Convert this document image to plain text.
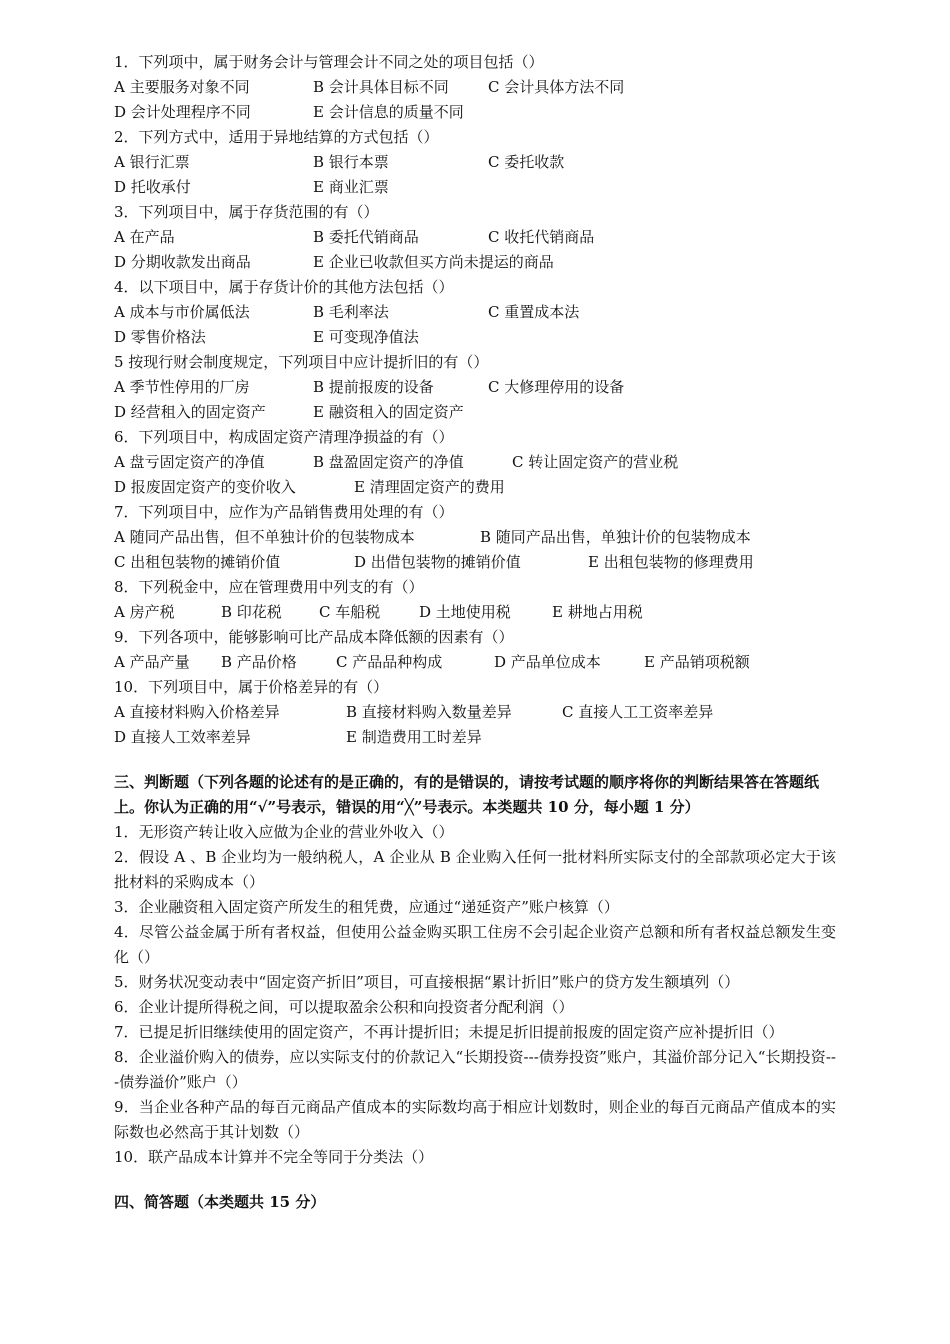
1．下列项中，属于财务会计与管理会计不同之处的项目包括（）
A 主要服务对象不同	B 会计具体目标不同	C 会计具体方法不同
D 会计处理程序不同	E 会计信息的质量不同
2．下列方式中，适用于异地结算的方式包括（）
A 银行汇票	B 银行本票	C 委托收款
D 托收承付	E 商业汇票
3．下列项目中，属于存货范围的有（）
A 在产品	B 委托代销商品	C 收托代销商品
D 分期收款发出商品	E 企业已收款但买方尚未提运的商品
4．以下项目中，属于存货计价的其他方法包括（）
A 成本与市价属低法	B 毛利率法	C 重置成本法
D 零售价格法	E 可变现净值法
5 按现行财会制度规定，下列项目中应计提折旧的有（）
A 季节性停用的厂房	B 提前报废的设备	C 大修理停用的设备
D 经营租入的固定资产	E 融资租入的固定资产
6．下列项目中，构成固定资产清理净损益的有（）
A 盘亏固定资产的净值	B 盘盈固定资产的净值	C 转让固定资产的营业税
D 报废固定资产的变价收入	E 清理固定资产的费用
7．下列项目中，应作为产品销售费用处理的有（）
A 随同产品出售，但不单独计价的包装物成本	B 随同产品出售，单独计价的包装物成本
C 出租包装物的摊销价值	D 出借包装物的摊销价值	E 出租包装物的修理费用
8．下列税金中，应在管理费用中列支的有（）
A 房产税	B 印花税 C 车船税	D 土地使用税	E 耕地占用税
9．下列各项中，能够影响可比产品成本降低额的因素有（）
A 产品产量 B 产品价格	C 产品品种构成	D 产品单位成本	E 产品销项税额
10．下列项目中，属于价格差异的有（）
A 直接材料购入价格差异	B 直接材料购入数量差异	C 直接人工工资率差异
D 直接人工效率差异	E 制造费用工时差异
三、判断题（下列各题的论述有的是正确的，有的是错误的，请按考试题的顺序将你的判断结果答在答题纸上。你认为正确的用“√”号表示，错误的用“╳”号表示。本类题共 10 分，每小题 1 分）
1．无形资产转让收入应做为企业的营业外收入（）
2．假设 A 、B 企业均为一般纳税人，A 企业从 B 企业购入任何一批材料所实际支付的全部款项必定大于该批材料的采购成本（）
3．企业融资租入固定资产所发生的租凭费，应通过“递延资产”账户核算（）
4．尽管公益金属于所有者权益，但使用公益金购买职工住房不会引起企业资产总额和所有者权益总额发生变化（）
5．财务状况变动表中“固定资产折旧”项目，可直接根据“累计折旧”账户的贷方发生额填列（）
6．企业计提所得税之间，可以提取盈余公积和向投资者分配利润（）
7．已提足折旧继续使用的固定资产，不再计提折旧；未提足折旧提前报废的固定资产应补提折旧（）
8．企业溢价购入的债券，应以实际支付的价款记入“长期投资---债券投资”账户，其溢价部分记入“长期投资---债券溢价”账户（）
9．当企业各种产品的每百元商品产值成本的实际数均高于相应计划数时，则企业的每百元商品产值成本的实际数也必然高于其计划数（）
10．联产品成本计算并不完全等同于分类法（）
四、简答题（本类题共 15 分）
